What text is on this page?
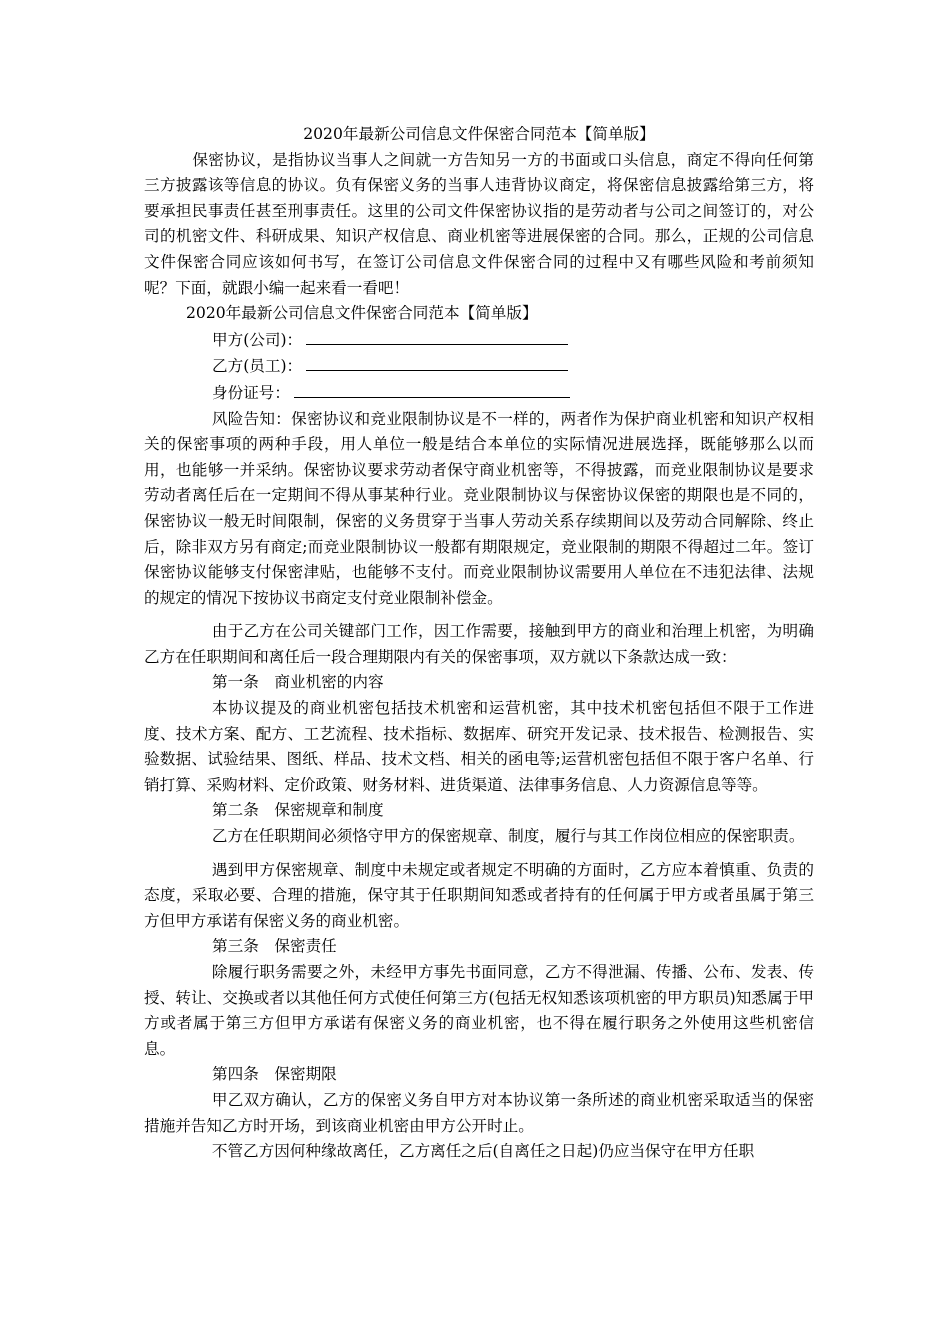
2020年最新公司信息文件保密合同范本【简单版】

保密协议，是指协议当事人之间就一方告知另一方的书面或口头信息，商定不得向任何第三方披露该等信息的协议。负有保密义务的当事人违背协议商定，将保密信息披露给第三方，将要承担民事责任甚至刑事责任。这里的公司文件保密协议指的是劳动者与公司之间签订的，对公司的机密文件、科研成果、知识产权信息、商业机密等进展保密的合同。那么，正规的公司信息文件保密合同应该如何书写，在签订公司信息文件保密合同的过程中又有哪些风险和考前须知呢？下面，就跟小编一起来看一看吧！

2020年最新公司信息文件保密合同范本【简单版】

甲方(公司)：

乙方(员工)：

身份证号：

风险告知：保密协议和竞业限制协议是不一样的，两者作为保护商业机密和知识产权相关的保密事项的两种手段，用人单位一般是结合本单位的实际情况进展选择，既能够那么以而用，也能够一并采纳。保密协议要求劳动者保守商业机密等，不得披露，而竞业限制协议是要求劳动者离任后在一定期间不得从事某种行业。竞业限制协议与保密协议保密的期限也是不同的，保密协议一般无时间限制，保密的义务贯穿于当事人劳动关系存续期间以及劳动合同解除、终止后，除非双方另有商定;而竞业限制协议一般都有期限规定，竞业限制的期限不得超过二年。签订保密协议能够支付保密津贴，也能够不支付。而竞业限制协议需要用人单位在不违犯法律、法规的规定的情况下按协议书商定支付竞业限制补偿金。

由于乙方在公司关键部门工作，因工作需要，接触到甲方的商业和治理上机密，为明确乙方在任职期间和离任后一段合理期限内有关的保密事项，双方就以下条款达成一致：

第一条　商业机密的内容

本协议提及的商业机密包括技术机密和运营机密，其中技术机密包括但不限于工作进度、技术方案、配方、工艺流程、技术指标、数据库、研究开发记录、技术报告、检测报告、实验数据、试验结果、图纸、样品、技术文档、相关的函电等;运营机密包括但不限于客户名单、行销打算、采购材料、定价政策、财务材料、进货渠道、法律事务信息、人力资源信息等等。

第二条　保密规章和制度

乙方在任职期间必须恪守甲方的保密规章、制度，履行与其工作岗位相应的保密职责。

遇到甲方保密规章、制度中未规定或者规定不明确的方面时，乙方应本着慎重、负责的态度，采取必要、合理的措施，保守其于任职期间知悉或者持有的任何属于甲方或者虽属于第三方但甲方承诺有保密义务的商业机密。

第三条　保密责任

除履行职务需要之外，未经甲方事先书面同意，乙方不得泄漏、传播、公布、发表、传授、转让、交换或者以其他任何方式使任何第三方(包括无权知悉该项机密的甲方职员)知悉属于甲方或者属于第三方但甲方承诺有保密义务的商业机密，也不得在履行职务之外使用这些机密信息。

第四条　保密期限

甲乙双方确认，乙方的保密义务自甲方对本协议第一条所述的商业机密采取适当的保密措施并告知乙方时开场，到该商业机密由甲方公开时止。

不管乙方因何种缘故离任，乙方离任之后(自离任之日起)仍应当保守在甲方任职
